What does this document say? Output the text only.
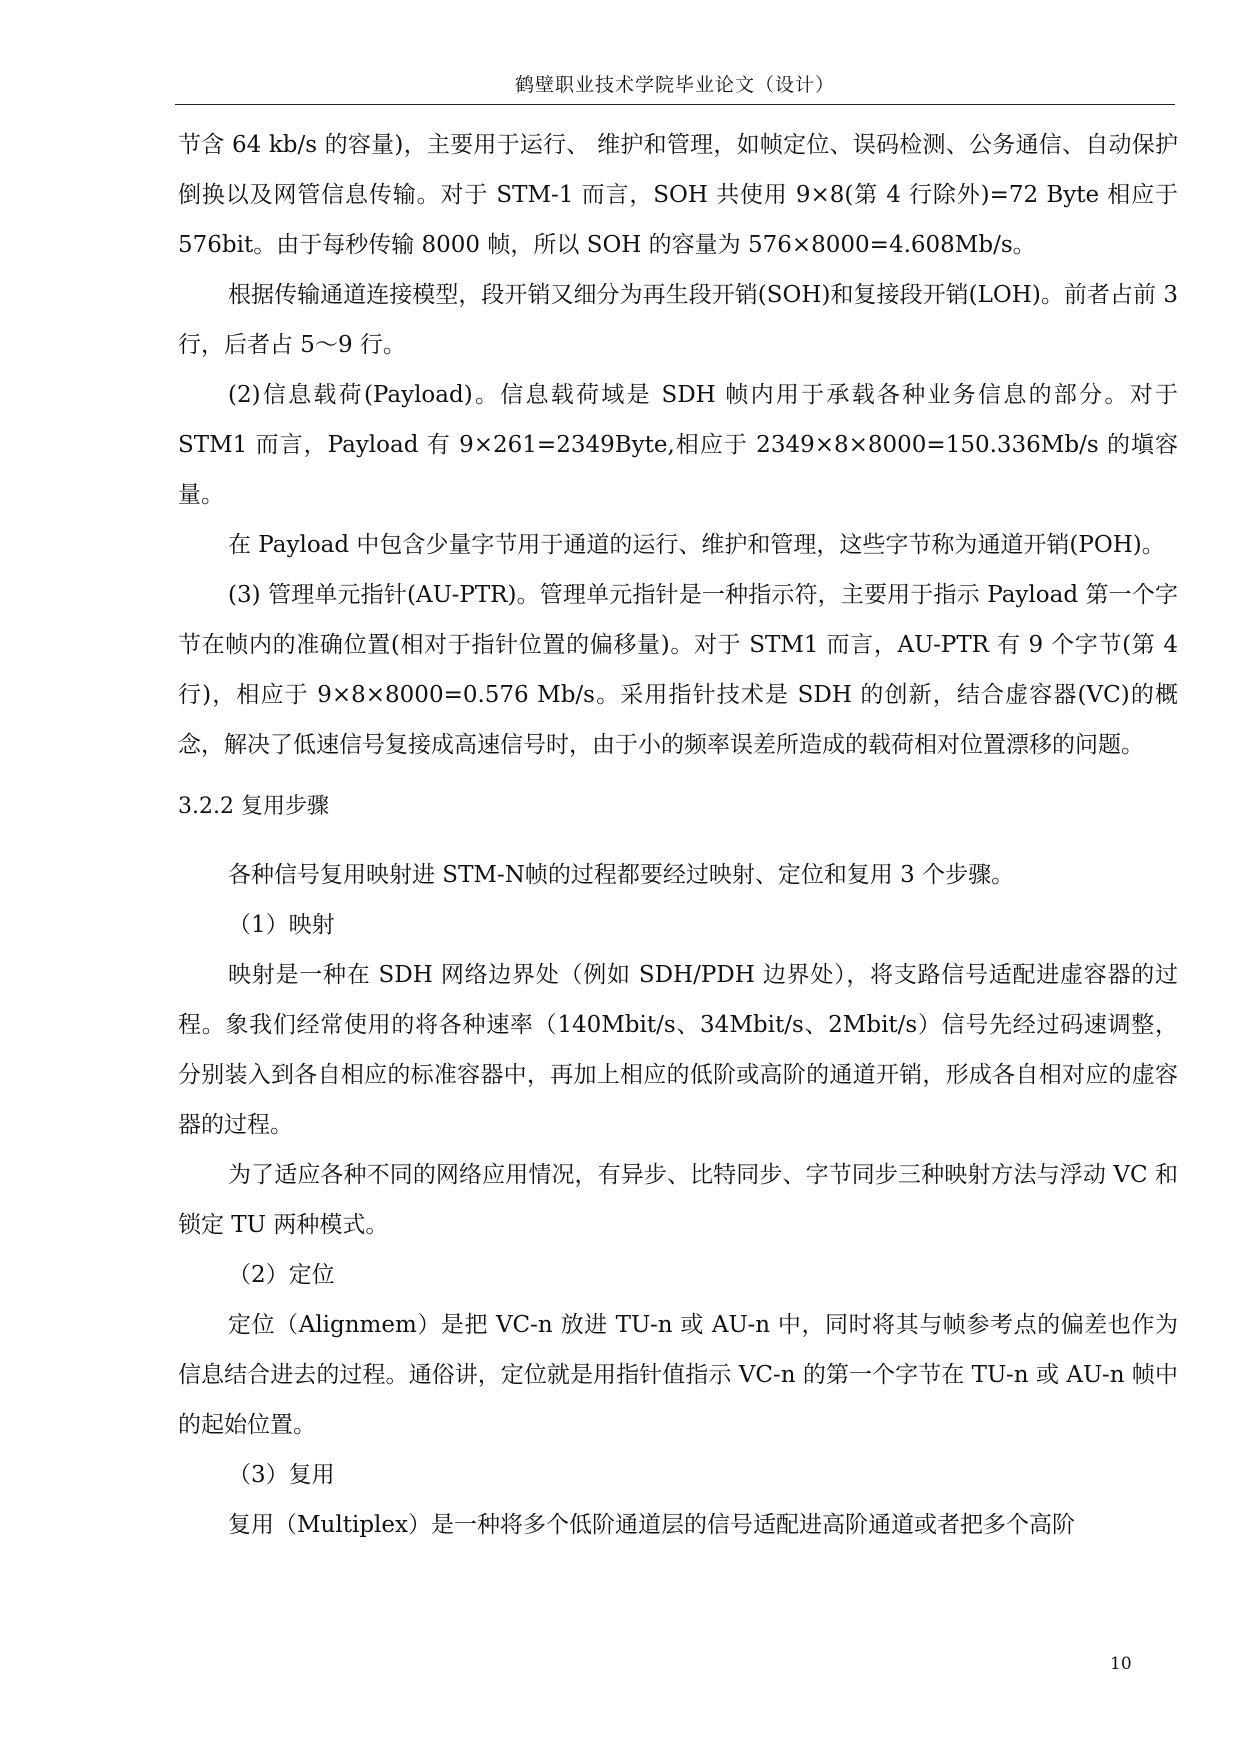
鹤壁职业技术学院毕业论文（设计）

节含 64 kb/s 的容量)，主要用于运行、 维护和管理，如帧定位、误码检测、公务通信、自动保护倒换以及网管信息传输。对于 STM-1 而言，SOH 共使用 9×8(第 4 行除外)=72 Byte 相应于 576bit。由于每秒传输 8000 帧，所以 SOH 的容量为 576×8000=4.608Mb/s。

根据传输通道连接模型，段开销又细分为再生段开销(SOH)和复接段开销(LOH)。前者占前 3 行，后者占 5～9 行。

(2)信息载荷(Payload)。信息载荷域是 SDH 帧内用于承载各种业务信息的部分。对于 STM1 而言，Payload 有 9×261=2349Byte,相应于 2349×8×8000=150.336Mb/s 的塡容量。

在 Payload 中包含少量字节用于通道的运行、维护和管理，这些字节称为通道开销(POH)。

(3) 管理单元指针(AU-PTR)。管理单元指针是一种指示符，主要用于指示 Payload 第一个字节在帧内的准确位置(相对于指针位置的偏移量)。对于 STM1 而言，AU-PTR 有 9 个字节(第 4 行)，相应于 9×8×8000=0.576 Mb/s。采用指针技术是 SDH 的创新，结合虚容器(VC)的概念，解决了低速信号复接成高速信号时，由于小的频率误差所造成的载荷相对位置漂移的问题。

3.2.2 复用步骤

各种信号复用映射进 STM-N帧的过程都要经过映射、定位和复用 3 个步骤。

（1）映射

映射是一种在 SDH 网络边界处（例如 SDH/PDH 边界处），将支路信号适配进虚容器的过程。象我们经常使用的将各种速率（140Mbit/s、34Mbit/s、2Mbit/s）信号先经过码速调整，分别装入到各自相应的标准容器中，再加上相应的低阶或高阶的通道开销，形成各自相对应的虚容器的过程。

为了适应各种不同的网络应用情况，有异步、比特同步、字节同步三种映射方法与浮动 VC 和锁定 TU 两种模式。

（2）定位

定位（Alignmem）是把 VC-n 放进 TU-n 或 AU-n 中，同时将其与帧参考点的偏差也作为信息结合进去的过程。通俗讲，定位就是用指针值指示 VC-n 的第一个字节在 TU-n 或 AU-n 帧中的起始位置。

（3）复用

复用（Multiplex）是一种将多个低阶通道层的信号适配进高阶通道或者把多个高阶

10
